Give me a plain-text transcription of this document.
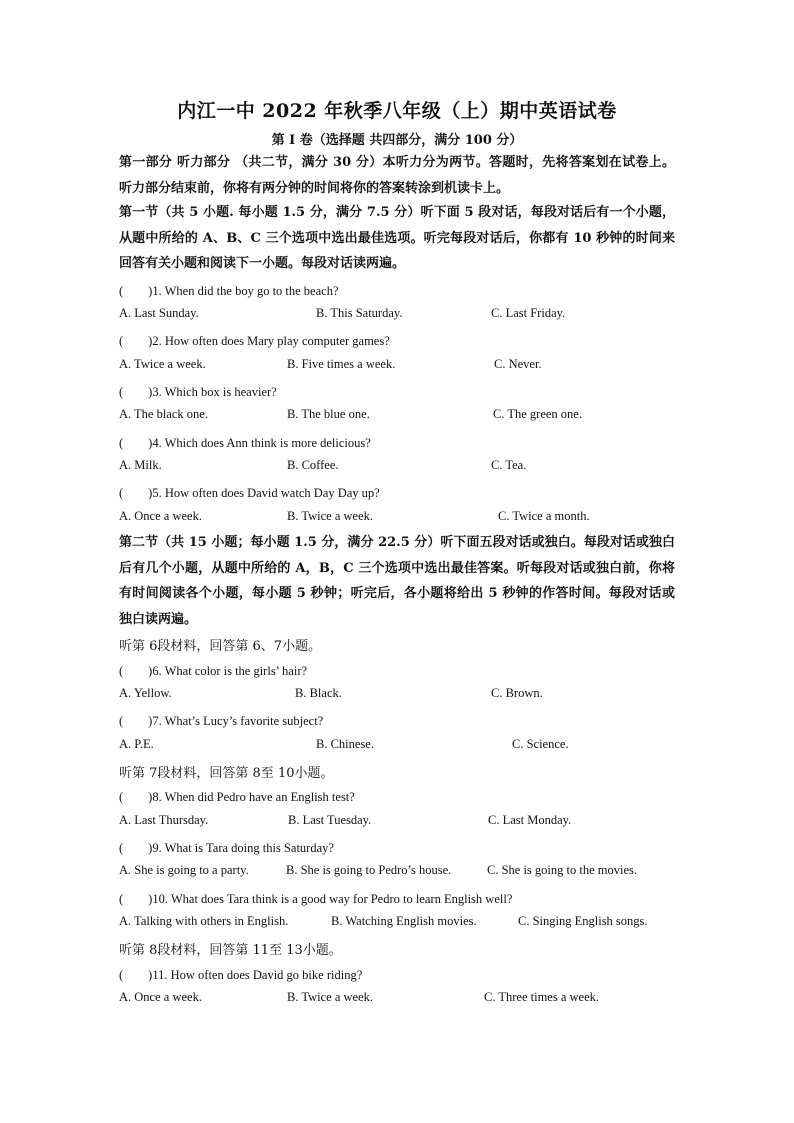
内江一中 2022 年秋季八年级（上）期中英语试卷
第 Ⅰ 卷（选择题 共四部分，满分 100 分）
第一部分 听力部分 （共二节，满分 30 分）本听力分为两节。答题时，先将答案划在试卷上。听力部分结束前，你将有两分钟的时间将你的答案转涂到机读卡上。
第一节（共 5 小题. 每小题 1.5 分，满分 7.5 分）听下面 5 段对话，每段对话后有一个小题，从题中所给的 A、B、C 三个选项中选出最佳选项。听完每段对话后，你都有 10 秒钟的时间来回答有关小题和阅读下一小题。每段对话读两遍。
(　　)1. When did the boy go to the beach?
A. Last Sunday.	B. This Saturday.	C. Last Friday.
(　　)2. How often does Mary play computer games?
A. Twice a week.	B. Five times a week.	C. Never.
(　　)3. Which box is heavier?
A. The black one.	B. The blue one.	C. The green one.
(　　)4. Which does Ann think is more delicious?
A. Milk.	B. Coffee.	C. Tea.
(　　)5. How often does David watch Day Day up?
A. Once a week.	B. Twice a week.	C. Twice a month.
第二节（共 15 小题；每小题 1.5 分，满分 22.5 分）听下面五段对话或独白。每段对话或独白后有几个小题，从题中所给的 A，B，C 三个选项中选出最佳答案。听每段对话或独白前，你将有时间阅读各个小题，每小题 5 秒钟；听完后，各小题将给出 5 秒钟的作答时间。每段对话或独白读两遍。
听第 6段材料，回答第 6、7小题。
(　　)6. What color is the girls’ hair?
A. Yellow.	B. Black.	C. Brown.
(　　)7. What’s Lucy’s favorite subject?
A. P.E.	B. Chinese.	C. Science.
听第 7段材料，回答第 8至 10小题。
(　　)8. When did Pedro have an English test?
A. Last Thursday.	B. Last Tuesday.	C. Last Monday.
(　　)9. What is Tara doing this Saturday?
A. She is going to a party.	B. She is going to Pedro’s house.	C. She is going to the movies.
(　　)10. What does Tara think is a good way for Pedro to learn English well?
A. Talking with others in English.	B. Watching English movies.	C. Singing English songs.
听第 8段材料，回答第 11至 13小题。
(　　)11. How often does David go bike riding?
A. Once a week.	B. Twice a week.	C. Three times a week.
